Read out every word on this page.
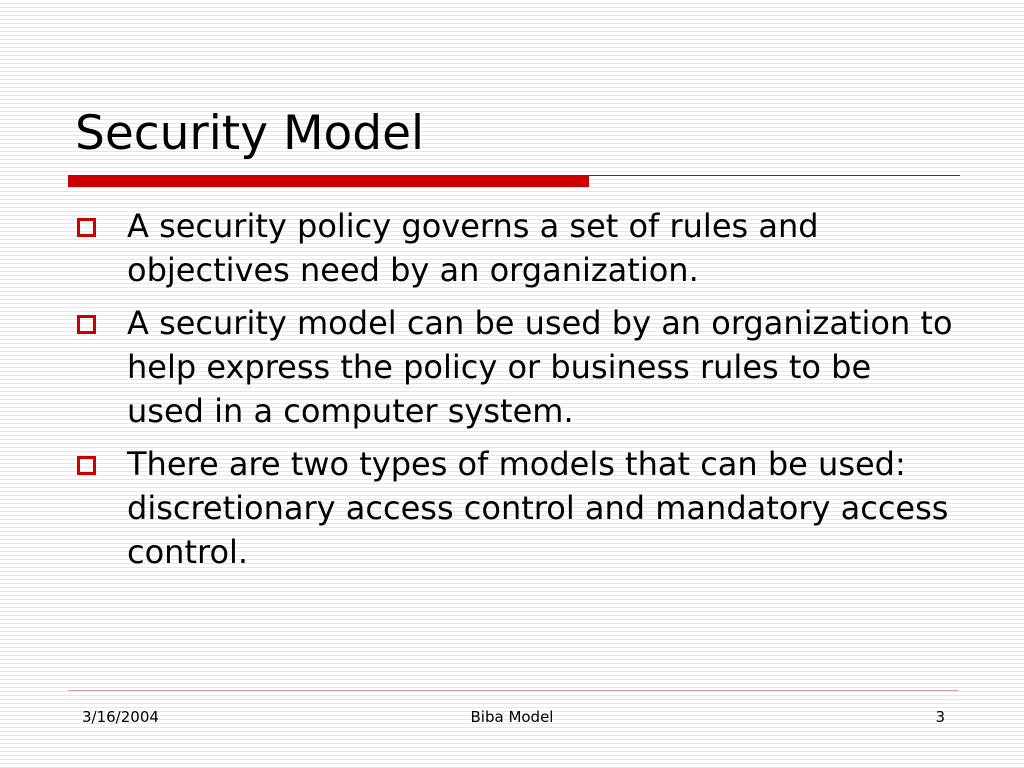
Security Model
A security policy governs a set of rules and objectives need by an organization.
A security model can be used by an organization to help express the policy or business rules to be used in a computer system.
There are two types of models that can be used: discretionary access control and mandatory access control.
3/16/2004	Biba Model	3
